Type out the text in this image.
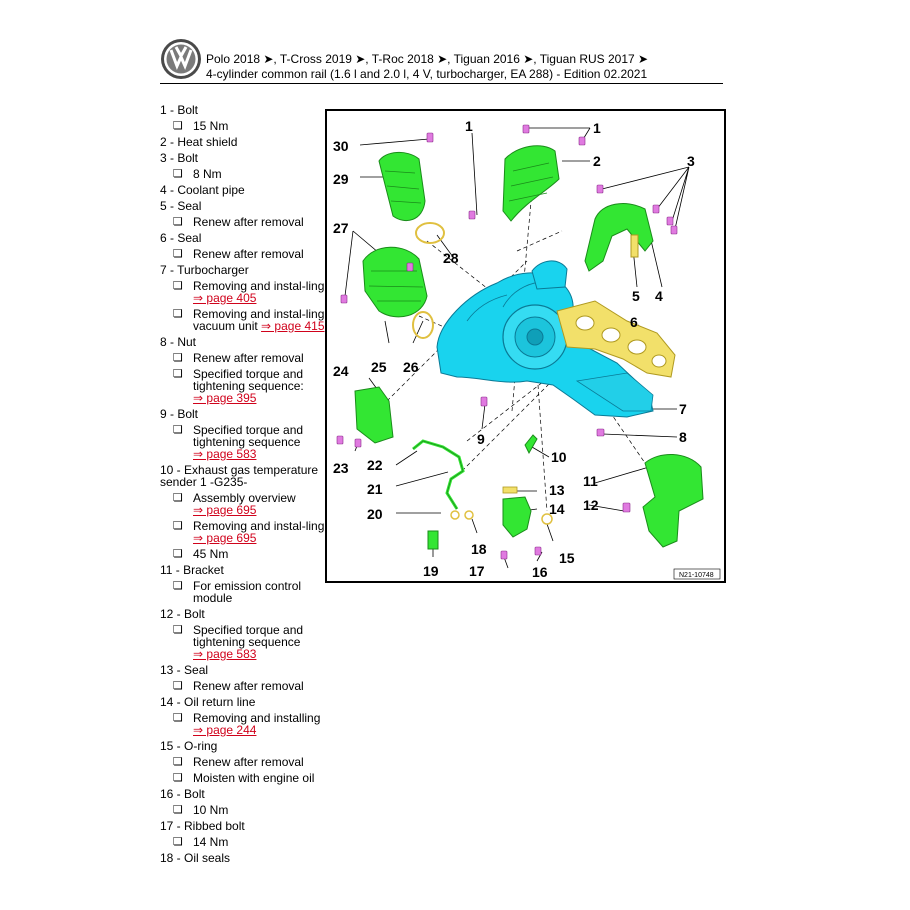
Polo 2018 ➤, T-Cross 2019 ➤, T-Roc 2018 ➤, Tiguan 2016 ➤, Tiguan RUS 2017 ➤
4-cylinder common rail (1.6 l and 2.0 l, 4 V, turbocharger, EA 288) - Edition 02.2021
1 - Bolt
❏ 15 Nm
2 - Heat shield
3 - Bolt
❏ 8 Nm
4 - Coolant pipe
5 - Seal
❏ Renew after removal
6 - Seal
❏ Renew after removal
7 - Turbocharger
❏ Removing and instal-ling ⇒ page 405
❏ Removing and instal-ling vacuum unit ⇒ page 415
8 - Nut
❏ Renew after removal
❏ Specified torque and tightening sequence: ⇒ page 395
9 - Bolt
❏ Specified torque and tightening sequence ⇒ page 583
10 - Exhaust gas temperature sender 1 -G235-
❏ Assembly overview ⇒ page 695
❏ Removing and instal-ling ⇒ page 695
❏ 45 Nm
11 - Bracket
❏ For emission control module
12 - Bolt
❏ Specified torque and tightening sequence ⇒ page 583
13 - Seal
❏ Renew after removal
14 - Oil return line
❏ Removing and installing ⇒ page 244
15 - O-ring
❏ Renew after removal
❏ Moisten with engine oil
16 - Bolt
❏ 10 Nm
17 - Ribbed bolt
❏ 14 Nm
18 - Oil seals
1	1
2	3
4
5
6
7
8
9
10
11
12
13
14
15
16
17
18
19
20
21
22
23
24 25 26
27
28
29
30
N21-10748
